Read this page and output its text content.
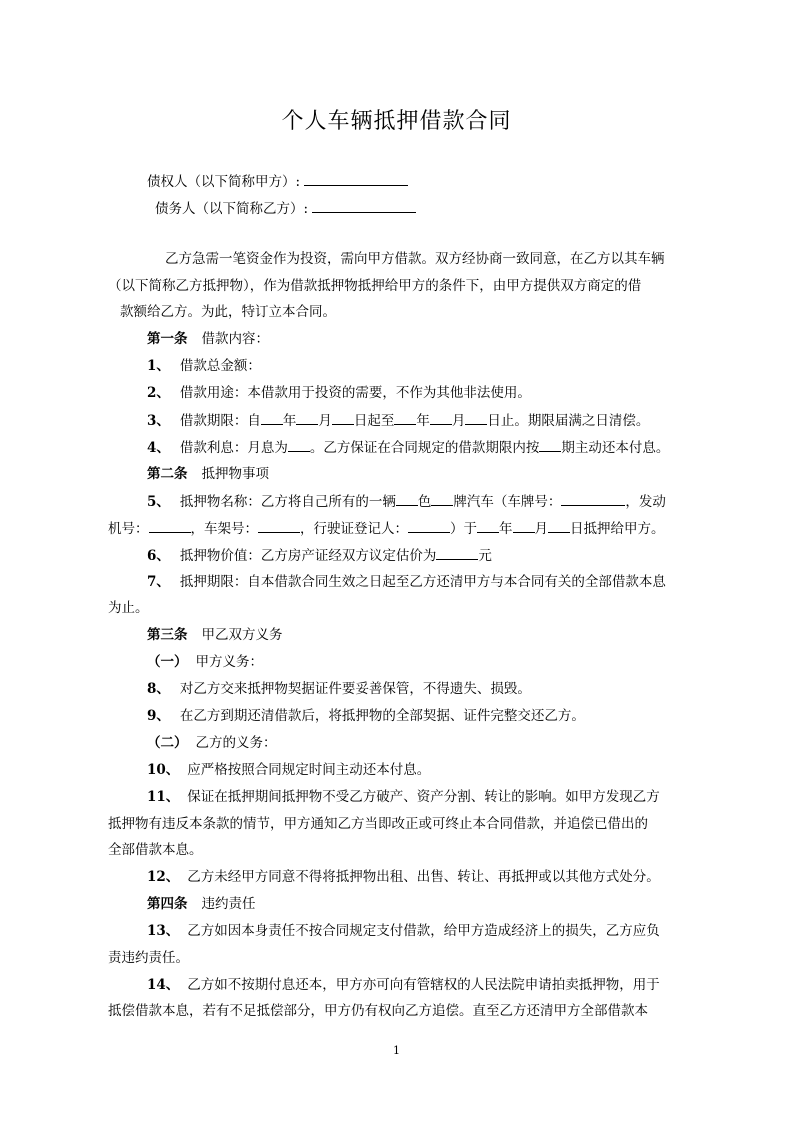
个人车辆抵押借款合同
债权人（以下简称甲方）:
债务人（以下简称乙方）:
乙方急需一笔资金作为投资，需向甲方借款。双方经协商一致同意，在乙方以其车辆
（以下简称乙方抵押物），作为借款抵押物抵押给甲方的条件下，由甲方提供双方商定的借
款额给乙方。为此，特订立本合同。
第一条 借款内容：
1、 借款总金额：
2、 借款用途：本借款用于投资的需要，不作为其他非法使用。
3、 借款期限：自 年 月 日起至 年 月 日止。期限届满之日清偿。
4、 借款利息：月息为 。乙方保证在合同规定的借款期限内按 期主动还本付息。
第二条 抵押物事项
5、 抵押物名称：乙方将自己所有的一辆 色 牌汽车（车牌号：	，发动
机号：	，车架号：	，行驶证登记人：	）于 年 月 日抵押给甲方。
6、 抵押物价值：乙方房产证经双方议定估价为	元
7、 抵押期限：自本借款合同生效之日起至乙方还清甲方与本合同有关的全部借款本息
为止。
第三条 甲乙双方义务
（一） 甲方义务：
8、 对乙方交来抵押物契据证件要妥善保管，不得遗失、损毁。
9、 在乙方到期还清借款后，将抵押物的全部契据、证件完整交还乙方。
（二） 乙方的义务：
10、 应严格按照合同规定时间主动还本付息。
11、 保证在抵押期间抵押物不受乙方破产、资产分割、转让的影响。如甲方发现乙方
抵押物有违反本条款的情节，甲方通知乙方当即改正或可终止本合同借款，并追偿已借出的
全部借款本息。
12、 乙方未经甲方同意不得将抵押物出租、出售、转让、再抵押或以其他方式处分。
第四条 违约责任
13、 乙方如因本身责任不按合同规定支付借款，给甲方造成经济上的损失，乙方应负
责违约责任。
14、 乙方如不按期付息还本，甲方亦可向有管辖权的人民法院申请拍卖抵押物，用于
抵偿借款本息，若有不足抵偿部分，甲方仍有权向乙方追偿。直至乙方还清甲方全部借款本
1
